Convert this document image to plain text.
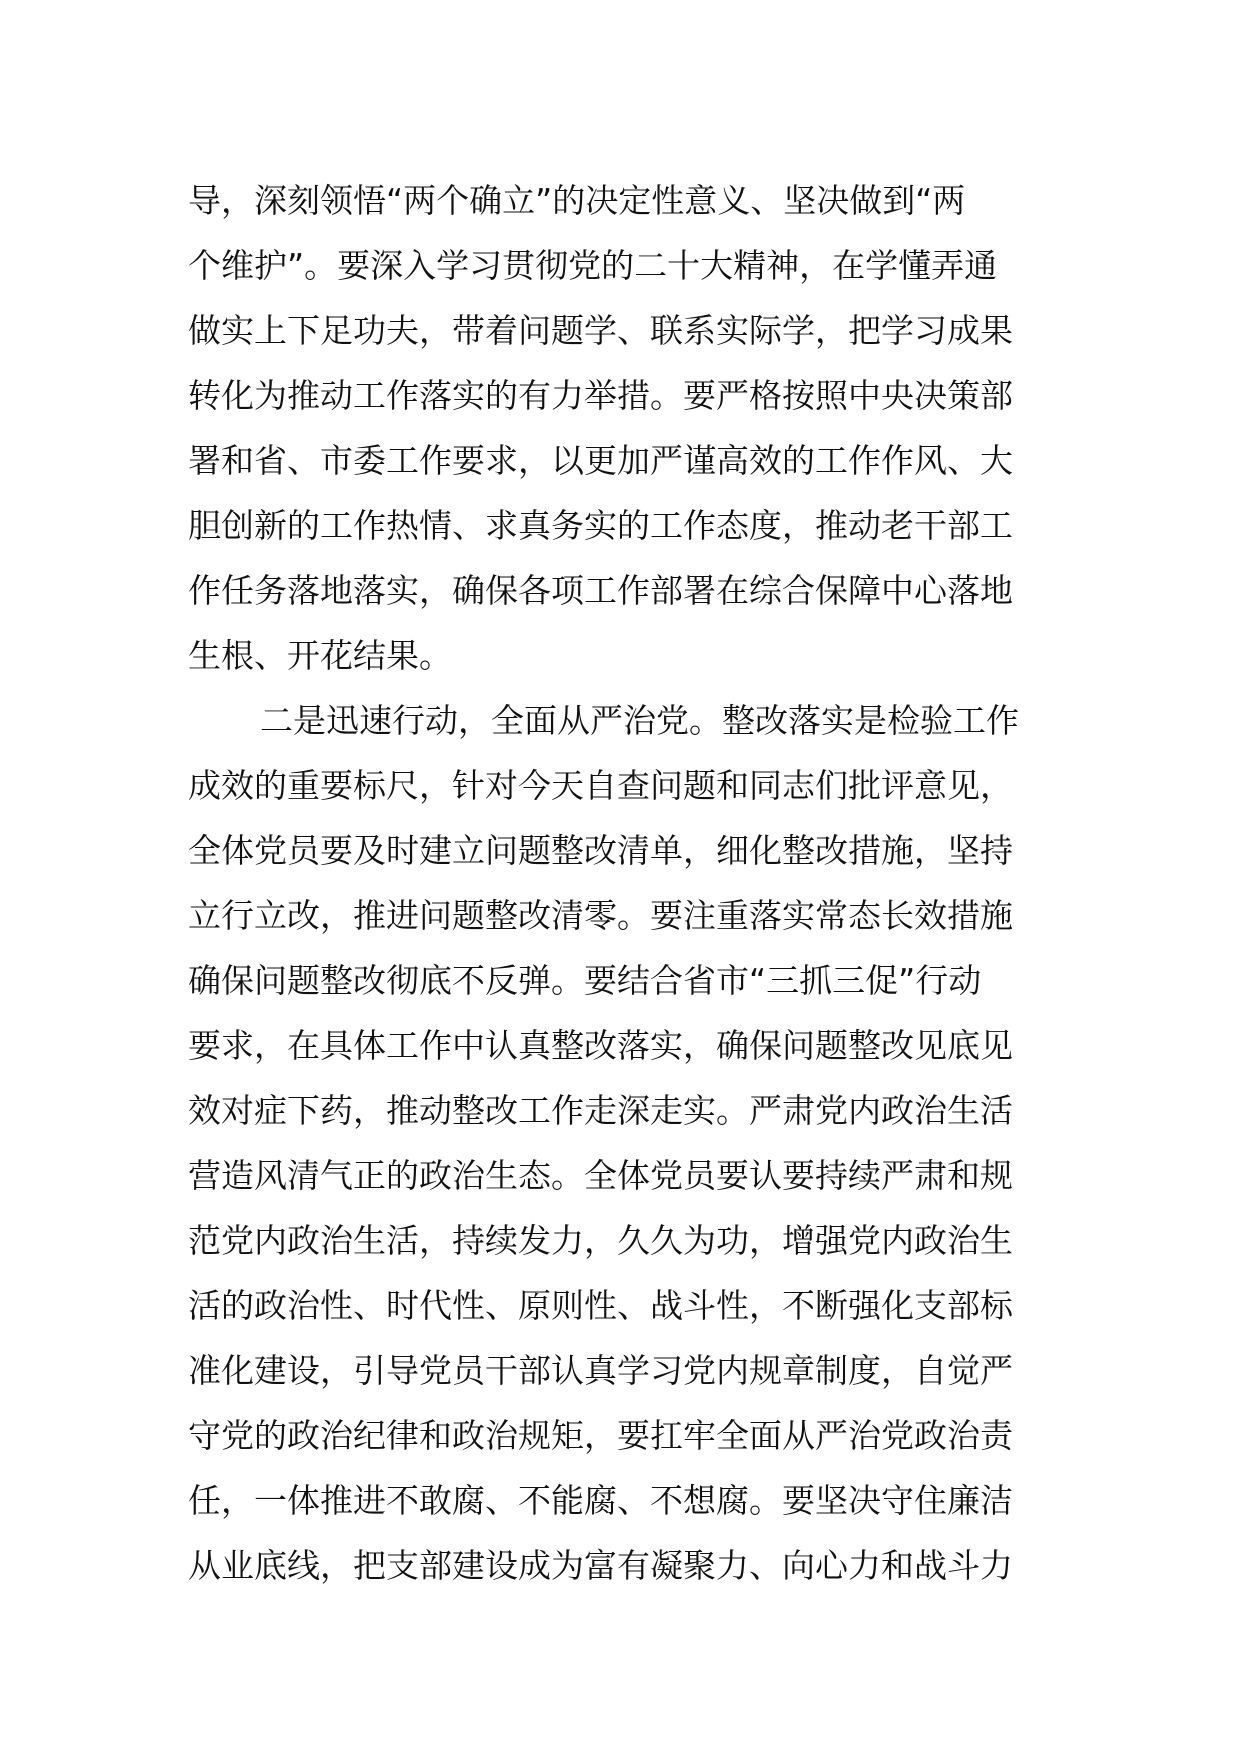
导，深刻领悟“两个确立”的决定性意义、坚决做到“两
个维护”。要深入学习贯彻党的二十大精神，在学懂弄通
做实上下足功夫，带着问题学、联系实际学，把学习成果
转化为推动工作落实的有力举措。要严格按照中央决策部
署和省、市委工作要求，以更加严谨高效的工作作风、大
胆创新的工作热情、求真务实的工作态度，推动老干部工
作任务落地落实，确保各项工作部署在综合保障中心落地
生根、开花结果。
二是迅速行动，全面从严治党。整改落实是检验工作
成效的重要标尺，针对今天自查问题和同志们批评意见，
全体党员要及时建立问题整改清单，细化整改措施，坚持
立行立改，推进问题整改清零。要注重落实常态长效措施
确保问题整改彻底不反弹。要结合省市“三抓三促”行动
要求，在具体工作中认真整改落实，确保问题整改见底见
效对症下药，推动整改工作走深走实。严肃党内政治生活
营造风清气正的政治生态。全体党员要认要持续严肃和规
范党内政治生活，持续发力，久久为功，增强党内政治生
活的政治性、时代性、原则性、战斗性，不断强化支部标
准化建设，引导党员干部认真学习党内规章制度，自觉严
守党的政治纪律和政治规矩，要扛牢全面从严治党政治责
任，一体推进不敢腐、不能腐、不想腐。要坚决守住廉洁
从业底线，把支部建设成为富有凝聚力、向心力和战斗力
